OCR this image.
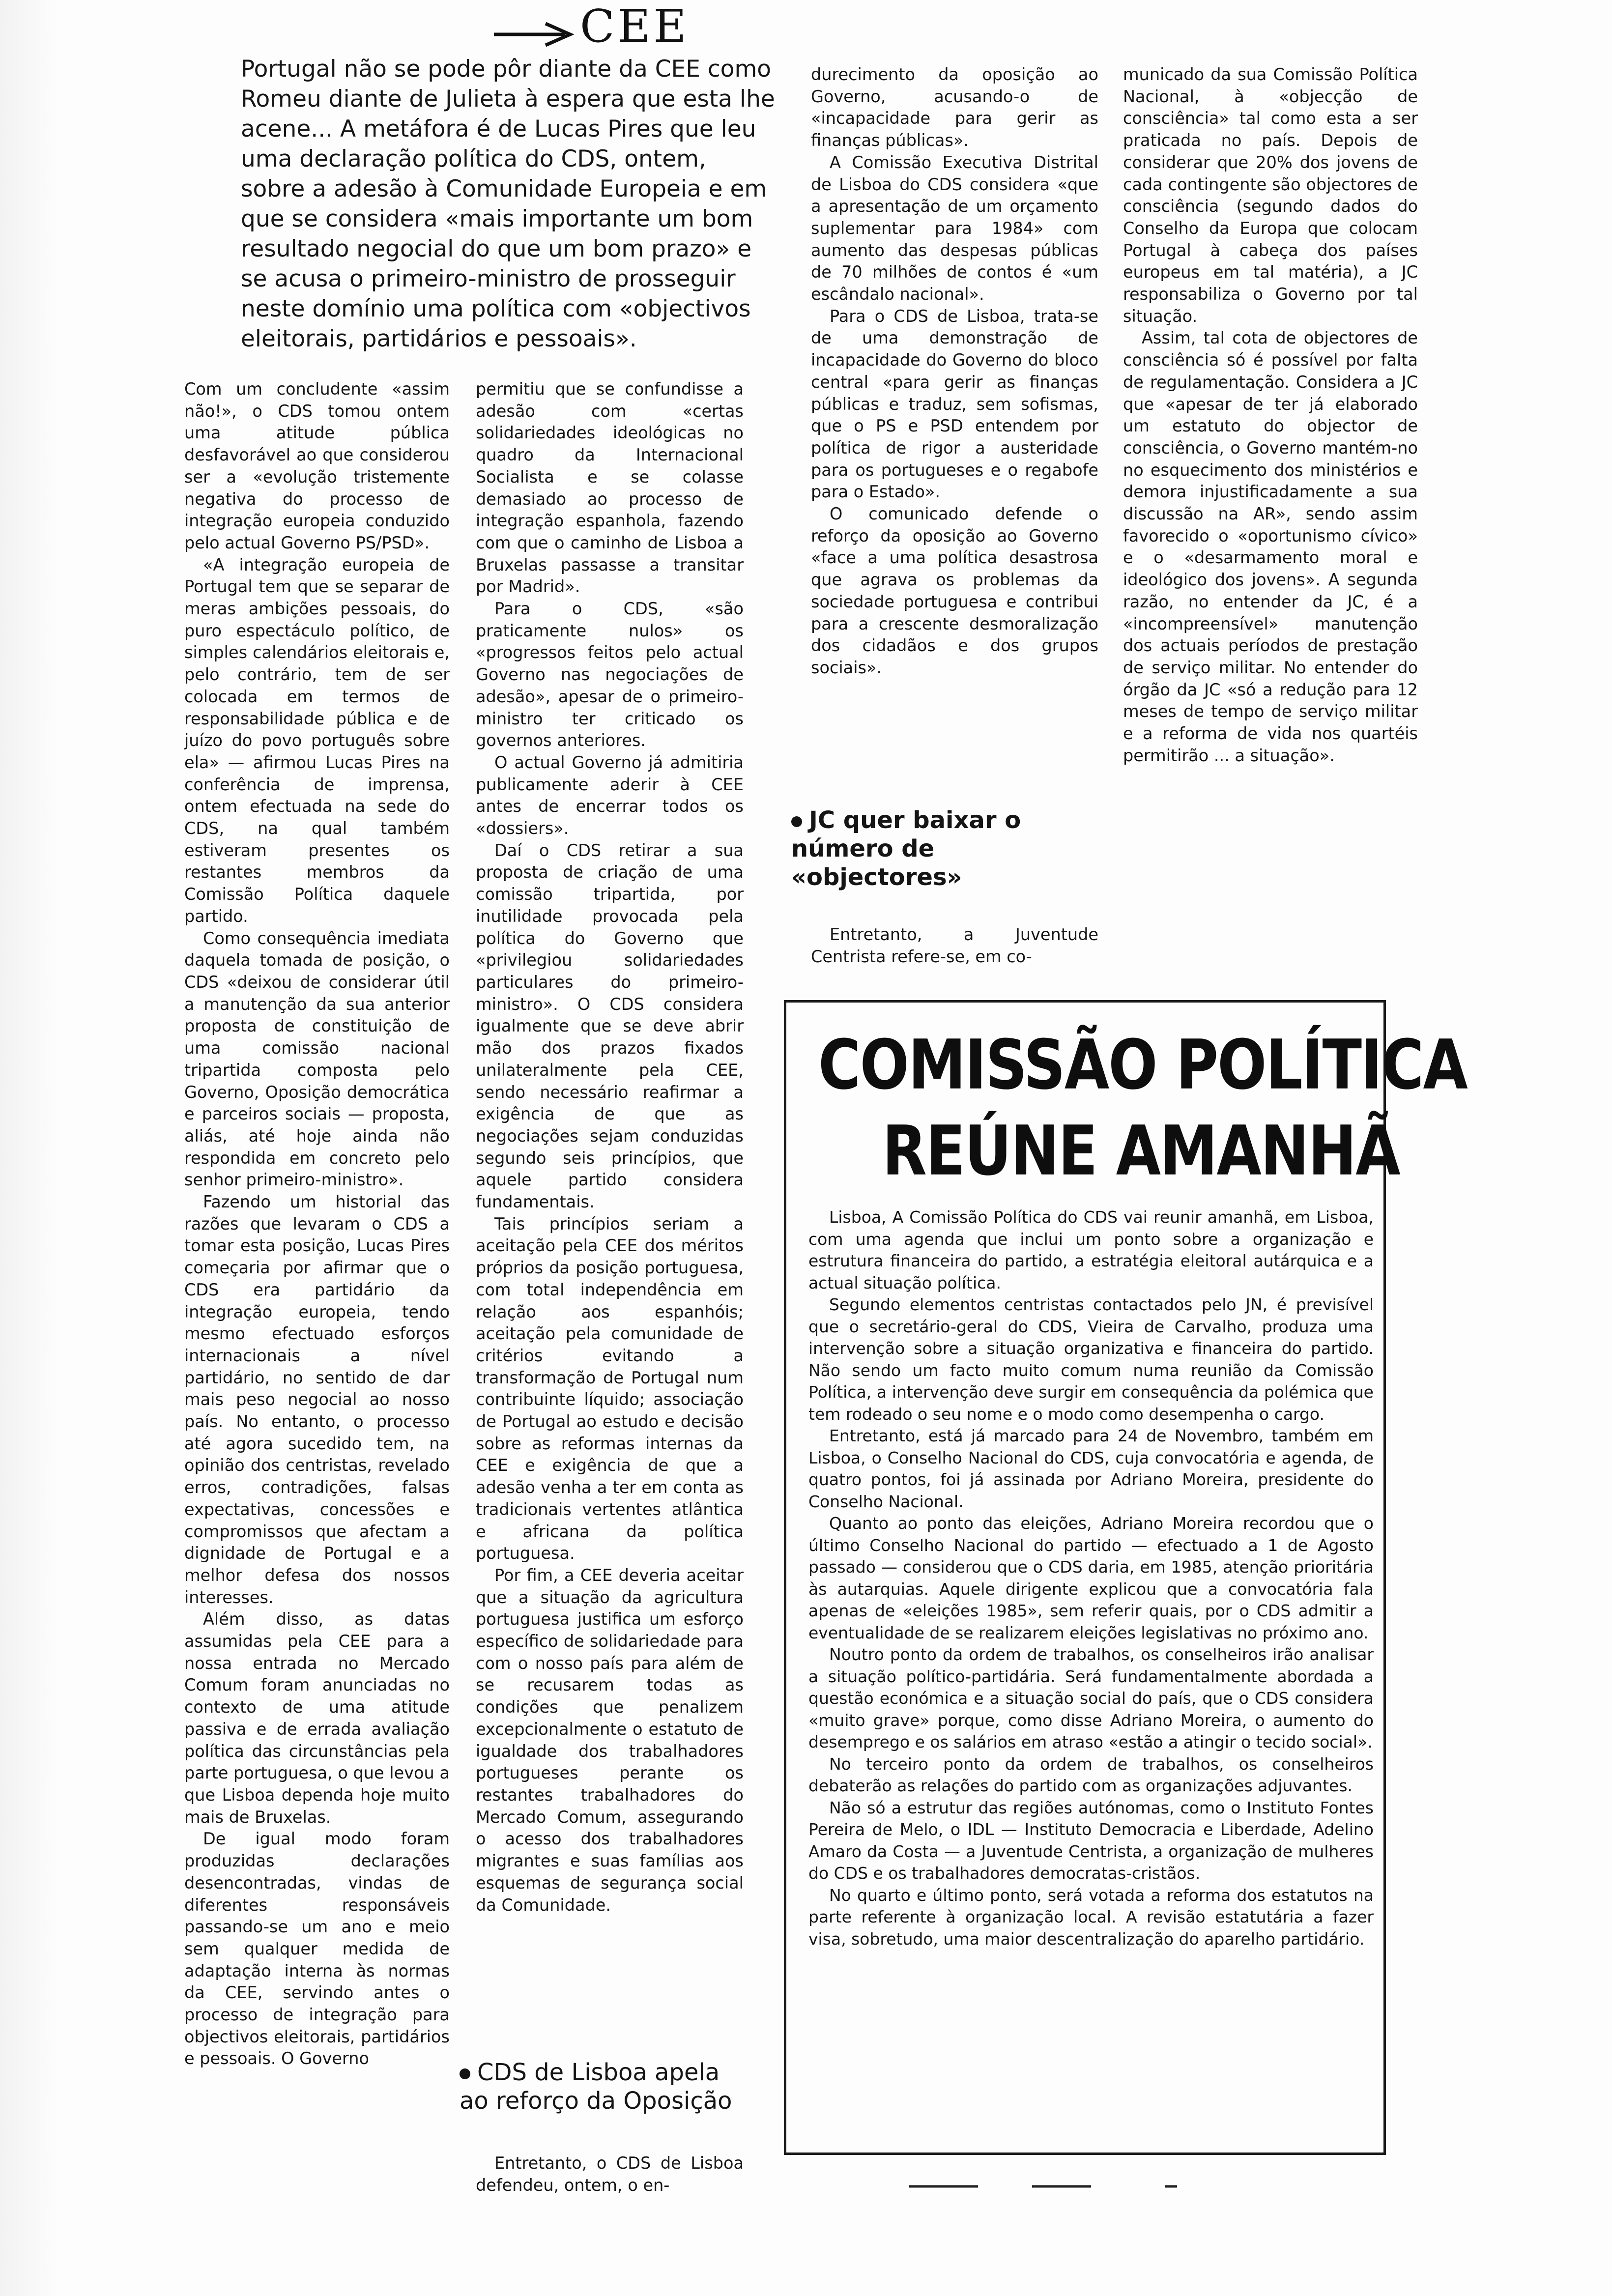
CEE

Portugal não se pode pôr diante da CEE como Romeu diante de Julieta à espera que esta lhe acene... A metáfora é de Lucas Pires que leu uma declaração política do CDS, ontem, sobre a adesão à Comunidade Europeia e em que se considera «mais importante um bom resultado negocial do que um bom prazo» e se acusa o primeiro-ministro de prosseguir neste domínio uma política com «objectivos eleitorais, partidários e pessoais».

Com um concludente «assim não!», o CDS tomou ontem uma atitude pública desfavorável ao que considerou ser a «evolução tristemente negativa do processo de integração europeia conduzido pelo actual Governo PS/PSD».

«A integração europeia de Portugal tem que se separar de meras ambições pessoais, do puro espectáculo político, de simples calendários eleitorais e, pelo contrário, tem de ser colocada em termos de responsabilidade pública e de juízo do povo português sobre ela» — afirmou Lucas Pires na conferência de imprensa, ontem efectuada na sede do CDS, na qual também estiveram presentes os restantes membros da Comissão Política daquele partido.

Como consequência imediata daquela tomada de posição, o CDS «deixou de considerar útil a manutenção da sua anterior proposta de constituição de uma comissão nacional tripartida composta pelo Governo, Oposição democrática e parceiros sociais — proposta, aliás, até hoje ainda não respondida em concreto pelo senhor primeiro-ministro».

Fazendo um historial das razões que levaram o CDS a tomar esta posição, Lucas Pires começaria por afirmar que o CDS era partidário da integração europeia, tendo mesmo efectuado esforços internacionais a nível partidário, no sentido de dar mais peso negocial ao nosso país. No entanto, o processo até agora sucedido tem, na opinião dos centristas, revelado erros, contradições, falsas expectativas, concessões e compromissos que afectam a dignidade de Portugal e a melhor defesa dos nossos interesses.

Além disso, as datas assumidas pela CEE para a nossa entrada no Mercado Comum foram anunciadas no contexto de uma atitude passiva e de errada avaliação política das circunstâncias pela parte portuguesa, o que levou a que Lisboa dependa hoje muito mais de Bruxelas.

De igual modo foram produzidas declarações desencontradas, vindas de diferentes responsáveis passando-se um ano e meio sem qualquer medida de adaptação interna às normas da CEE, servindo antes o processo de integração para objectivos eleitorais, partidários e pessoais. O Governo

permitiu que se confundisse a adesão com «certas solidariedades ideológicas no quadro da Internacional Socialista e se colasse demasiado ao processo de integração espanhola, fazendo com que o caminho de Lisboa a Bruxelas passasse a transitar por Madrid».

Para o CDS, «são praticamente nulos» os «progressos feitos pelo actual Governo nas negociações de adesão», apesar de o primeiro-ministro ter criticado os governos anteriores.

O actual Governo já admitiria publicamente aderir à CEE antes de encerrar todos os «dossiers».

Daí o CDS retirar a sua proposta de criação de uma comissão tripartida, por inutilidade provocada pela política do Governo que «privilegiou solidariedades particulares do primeiro-ministro». O CDS considera igualmente que se deve abrir mão dos prazos fixados unilateralmente pela CEE, sendo necessário reafirmar a exigência de que as negociações sejam conduzidas segundo seis princípios, que aquele partido considera fundamentais.

Tais princípios seriam a aceitação pela CEE dos méritos próprios da posição portuguesa, com total independência em relação aos espanhóis; aceitação pela comunidade de critérios evitando a transformação de Portugal num contribuinte líquido; associação de Portugal ao estudo e decisão sobre as reformas internas da CEE e exigência de que a adesão venha a ter em conta as tradicionais vertentes atlântica e africana da política portuguesa.

Por fim, a CEE deveria aceitar que a situação da agricultura portuguesa justifica um esforço específico de solidariedade para com o nosso país para além de se recusarem todas as condições que penalizem excepcionalmente o estatuto de igualdade dos trabalhadores portugueses perante os restantes trabalhadores do Mercado Comum, assegurando o acesso dos trabalhadores migrantes e suas famílias aos esquemas de segurança social da Comunidade.

CDS de Lisboa apela ao reforço da Oposição

Entretanto, o CDS de Lisboa defendeu, ontem, o en-

durecimento da oposição ao Governo, acusando-o de «incapacidade para gerir as finanças públicas».

A Comissão Executiva Distrital de Lisboa do CDS considera «que a apresentação de um orçamento suplementar para 1984» com aumento das despesas públicas de 70 milhões de contos é «um escândalo nacional».

Para o CDS de Lisboa, trata-se de uma demonstração de incapacidade do Governo do bloco central «para gerir as finanças públicas e traduz, sem sofismas, que o PS e PSD entendem por política de rigor a austeridade para os portugueses e o regabofe para o Estado».

O comunicado defende o reforço da oposição ao Governo «face a uma política desastrosa que agrava os problemas da sociedade portuguesa e contribui para a crescente desmoralização dos cidadãos e dos grupos sociais».

JC quer baixar o número de «objectores»

Entretanto, a Juventude Centrista refere-se, em co-

municado da sua Comissão Política Nacional, à «objecção de consciência» tal como esta a ser praticada no país. Depois de considerar que 20% dos jovens de cada contingente são objectores de consciência (segundo dados do Conselho da Europa que colocam Portugal à cabeça dos países europeus em tal matéria), a JC responsabiliza o Governo por tal situação.

Assim, tal cota de objectores de consciência só é possível por falta de regulamentação. Considera a JC que «apesar de ter já elaborado um estatuto do objector de consciência, o Governo mantém-no no esquecimento dos ministérios e demora injustificadamente a sua discussão na AR», sendo assim favorecido o «oportunismo cívico» e o «desarmamento moral e ideológico dos jovens». A segunda razão, no entender da JC, é a «incompreensível» manutenção dos actuais períodos de prestação de serviço militar. No entender do órgão da JC «só a redução para 12 meses de tempo de serviço militar e a reforma de vida nos quartéis permitirão ... a situação».

COMISSÃO POLÍTICA
REÚNE AMANHÃ

Lisboa, A Comissão Política do CDS vai reunir amanhã, em Lisboa, com uma agenda que inclui um ponto sobre a organização e estrutura financeira do partido, a estratégia eleitoral autárquica e a actual situação política.

Segundo elementos centristas contactados pelo JN, é previsível que o secretário-geral do CDS, Vieira de Carvalho, produza uma intervenção sobre a situação organizativa e financeira do partido. Não sendo um facto muito comum numa reunião da Comissão Política, a intervenção deve surgir em consequência da polémica que tem rodeado o seu nome e o modo como desempenha o cargo.

Entretanto, está já marcado para 24 de Novembro, também em Lisboa, o Conselho Nacional do CDS, cuja convocatória e agenda, de quatro pontos, foi já assinada por Adriano Moreira, presidente do Conselho Nacional.

Quanto ao ponto das eleições, Adriano Moreira recordou que o último Conselho Nacional do partido — efectuado a 1 de Agosto passado — considerou que o CDS daria, em 1985, atenção prioritária às autarquias. Aquele dirigente explicou que a convocatória fala apenas de «eleições 1985», sem referir quais, por o CDS admitir a eventualidade de se realizarem eleições legislativas no próximo ano.

Noutro ponto da ordem de trabalhos, os conselheiros irão analisar a situação político-partidária. Será fundamentalmente abordada a questão económica e a situação social do país, que o CDS considera «muito grave» porque, como disse Adriano Moreira, o aumento do desemprego e os salários em atraso «estão a atingir o tecido social».

No terceiro ponto da ordem de trabalhos, os conselheiros debaterão as relações do partido com as organizações adjuvantes.

Não só a estrutur das regiões autónomas, como o Instituto Fontes Pereira de Melo, o IDL — Instituto Democracia e Liberdade, Adelino Amaro da Costa — a Juventude Centrista, a organização de mulheres do CDS e os trabalhadores democratas-cristãos.

No quarto e último ponto, será votada a reforma dos estatutos na parte referente à organização local. A revisão estatutária a fazer visa, sobretudo, uma maior descentralização do aparelho partidário.
